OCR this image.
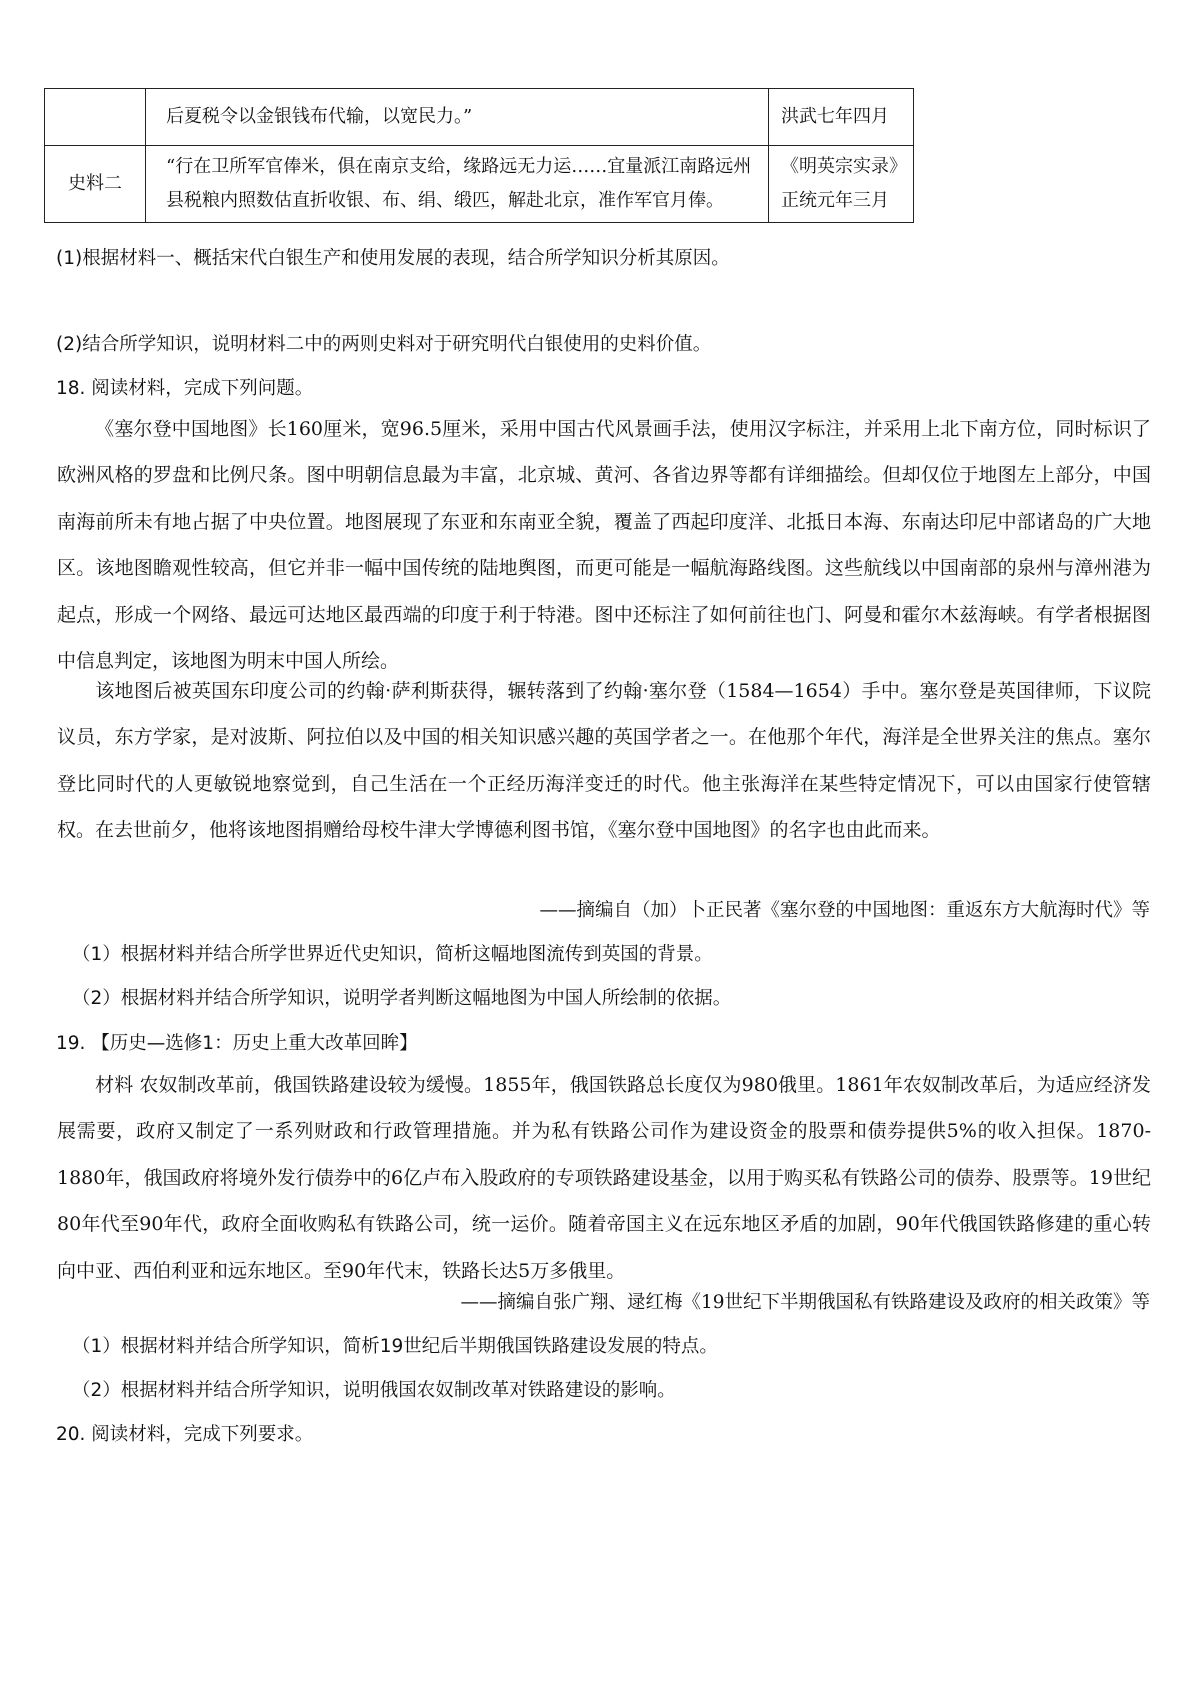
	后夏税令以金银钱布代输，以宽民力。”	洪武七年四月
史料二	“行在卫所军官俸米，俱在南京支给，缘路远无力运……宜量派江南路远州县税粮内照数估直折收银、布、绢、缎匹，解赴北京，准作军官月俸。	《明英宗实录》
正统元年三月
(1)根据材料一、概括宋代白银生产和使用发展的表现，结合所学知识分析其原因。
(2)结合所学知识，说明材料二中的两则史料对于研究明代白银使用的史料价值。
18. 阅读材料，完成下列问题。
《塞尔登中国地图》长160厘米，宽96.5厘米，采用中国古代风景画手法，使用汉字标注，并采用上北下南方位，同时标识了欧洲风格的罗盘和比例尺条。图中明朝信息最为丰富，北京城、黄河、各省边界等都有详细描绘。但却仅位于地图左上部分，中国南海前所未有地占据了中央位置。地图展现了东亚和东南亚全貌，覆盖了西起印度洋、北抵日本海、东南达印尼中部诸岛的广大地区。该地图瞻观性较高，但它并非一幅中国传统的陆地舆图，而更可能是一幅航海路线图。这些航线以中国南部的泉州与漳州港为起点，形成一个网络、最远可达地区最西端的印度于利于特港。图中还标注了如何前往也门、阿曼和霍尔木兹海峡。有学者根据图中信息判定，该地图为明末中国人所绘。
该地图后被英国东印度公司的约翰·萨利斯获得，辗转落到了约翰·塞尔登（1584—1654）手中。塞尔登是英国律师，下议院议员，东方学家，是对波斯、阿拉伯以及中国的相关知识感兴趣的英国学者之一。在他那个年代，海洋是全世界关注的焦点。塞尔登比同时代的人更敏锐地察觉到，自己生活在一个正经历海洋变迁的时代。他主张海洋在某些特定情况下，可以由国家行使管辖权。在去世前夕，他将该地图捐赠给母校牛津大学博德利图书馆，《塞尔登中国地图》的名字也由此而来。
——摘编自（加）卜正民著《塞尔登的中国地图：重返东方大航海时代》等
（1）根据材料并结合所学世界近代史知识，简析这幅地图流传到英国的背景。
（2）根据材料并结合所学知识，说明学者判断这幅地图为中国人所绘制的依据。
19. 【历史—选修1：历史上重大改革回眸】
材料 农奴制改革前，俄国铁路建设较为缓慢。1855年，俄国铁路总长度仅为980俄里。1861年农奴制改革后，为适应经济发展需要，政府又制定了一系列财政和行政管理措施。并为私有铁路公司作为建设资金的股票和债券提供5%的收入担保。1870-1880年，俄国政府将境外发行债券中的6亿卢布入股政府的专项铁路建设基金，以用于购买私有铁路公司的债券、股票等。19世纪80年代至90年代，政府全面收购私有铁路公司，统一运价。随着帝国主义在远东地区矛盾的加剧，90年代俄国铁路修建的重心转向中亚、西伯利亚和远东地区。至90年代末，铁路长达5万多俄里。
——摘编自张广翔、逯红梅《19世纪下半期俄国私有铁路建设及政府的相关政策》等
（1）根据材料并结合所学知识，简析19世纪后半期俄国铁路建设发展的特点。
（2）根据材料并结合所学知识，说明俄国农奴制改革对铁路建设的影响。
20. 阅读材料，完成下列要求。
